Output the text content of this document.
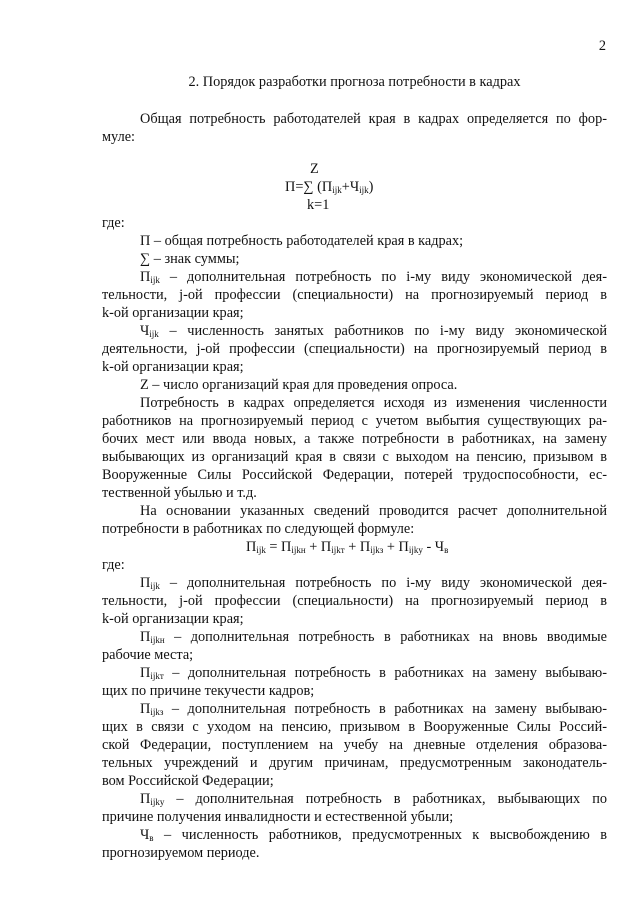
2

2. Порядок разработки прогноза потребности в кадрах

Общая потребность работодателей края в кадрах определяется по фор-

муле:

Z
П=∑ $(П_{ijk}+Ч_{ijk})$
k=1

где:

П – общая потребность работодателей края в кадрах;

∑ – знак суммы;

$П_{ijk}$ – дополнительная потребность по i-му виду экономической дея-

тельности, j-ой профессии (специальности) на прогнозируемый период в

k-ой организации края;

$Ч_{ijk}$ – численность занятых работников по i-му виду экономической

деятельности, j-ой профессии (специальности) на прогнозируемый период в

k-ой организации края;

Z – число организаций края для проведения опроса.

Потребность в кадрах определяется исходя из изменения численности

работников на прогнозируемый период с учетом выбытия существующих ра-

бочих мест или ввода новых, а также потребности в работниках, на замену

выбывающих из организаций края в связи с выходом на пенсию, призывом в

Вооруженные Силы Российской Федерации, потерей трудоспособности, ес-

тественной убылью и т.д.

На основании указанных сведений проводится расчет дополнительной

потребности в работниках по следующей формуле:

$П_{ijk} = П_{ijkн} + П_{ijkт} + П_{ijkз} + П_{ijkу} - Ч_в$

где:

$П_{ijk}$ – дополнительная потребность по i-му виду экономической дея-

тельности, j-ой профессии (специальности) на прогнозируемый период в

k-ой организации края;

$П_{ijkн}$ – дополнительная потребность в работниках на вновь вводимые

рабочие места;

$П_{ijkт}$ – дополнительная потребность в работниках на замену выбываю-

щих по причине текучести кадров;

$П_{ijkз}$ – дополнительная потребность в работниках на замену выбываю-

щих в связи с уходом на пенсию, призывом в Вооруженные Силы Россий-

ской Федерации, поступлением на учебу на дневные отделения образова-

тельных учреждений и другим причинам, предусмотренным законодатель-

вом Российской Федерации;

$П_{ijkу}$ – дополнительная потребность в работниках, выбывающих по

причине получения инвалидности и естественной убыли;

$Ч_в$ – численность работников, предусмотренных к высвобождению в

прогнозируемом периоде.
